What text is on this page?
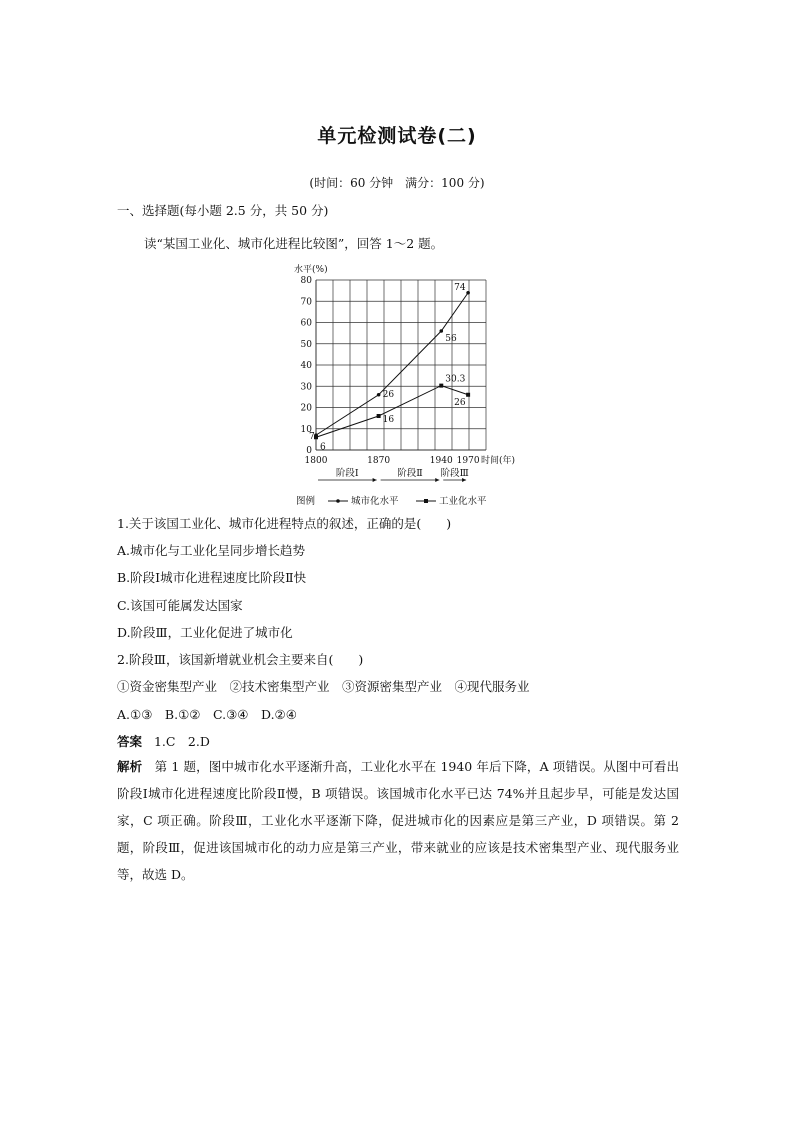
单元检测试卷(二)
(时间：60 分钟　满分：100 分)
一、选择题(每小题 2.5 分，共 50 分)
读“某国工业化、城市化进程比较图”，回答 1～2 题。
0
10
20
30
40
50
60
70
80
水平(%)
1800	1870	1940 1970 时间(年)
阶段Ⅰ	阶段Ⅱ 阶段Ⅲ
7
26
56
74
6
16
30.3
26
图例	城市化水平	工业化水平
1.关于该国工业化、城市化进程特点的叙述，正确的是(　　)
A.城市化与工业化呈同步增长趋势
B.阶段Ⅰ城市化进程速度比阶段Ⅱ快
C.该国可能属发达国家
D.阶段Ⅲ，工业化促进了城市化
2.阶段Ⅲ，该国新增就业机会主要来自(　　)
①资金密集型产业　②技术密集型产业　③资源密集型产业　④现代服务业
A.①③　B.①②　C.③④　D.②④
答案 1.C　2.D
解析 第 1 题，图中城市化水平逐渐升高，工业化水平在 1940 年后下降，A 项错误。从图中可看出阶段Ⅰ城市化进程速度比阶段Ⅱ慢，B 项错误。该国城市化水平已达 74%并且起步早，可能是发达国家，C 项正确。阶段Ⅲ，工业化水平逐渐下降，促进城市化的因素应是第三产业，D 项错误。第 2 题，阶段Ⅲ，促进该国城市化的动力应是第三产业，带来就业的应该是技术密集型产业、现代服务业等，故选 D。
